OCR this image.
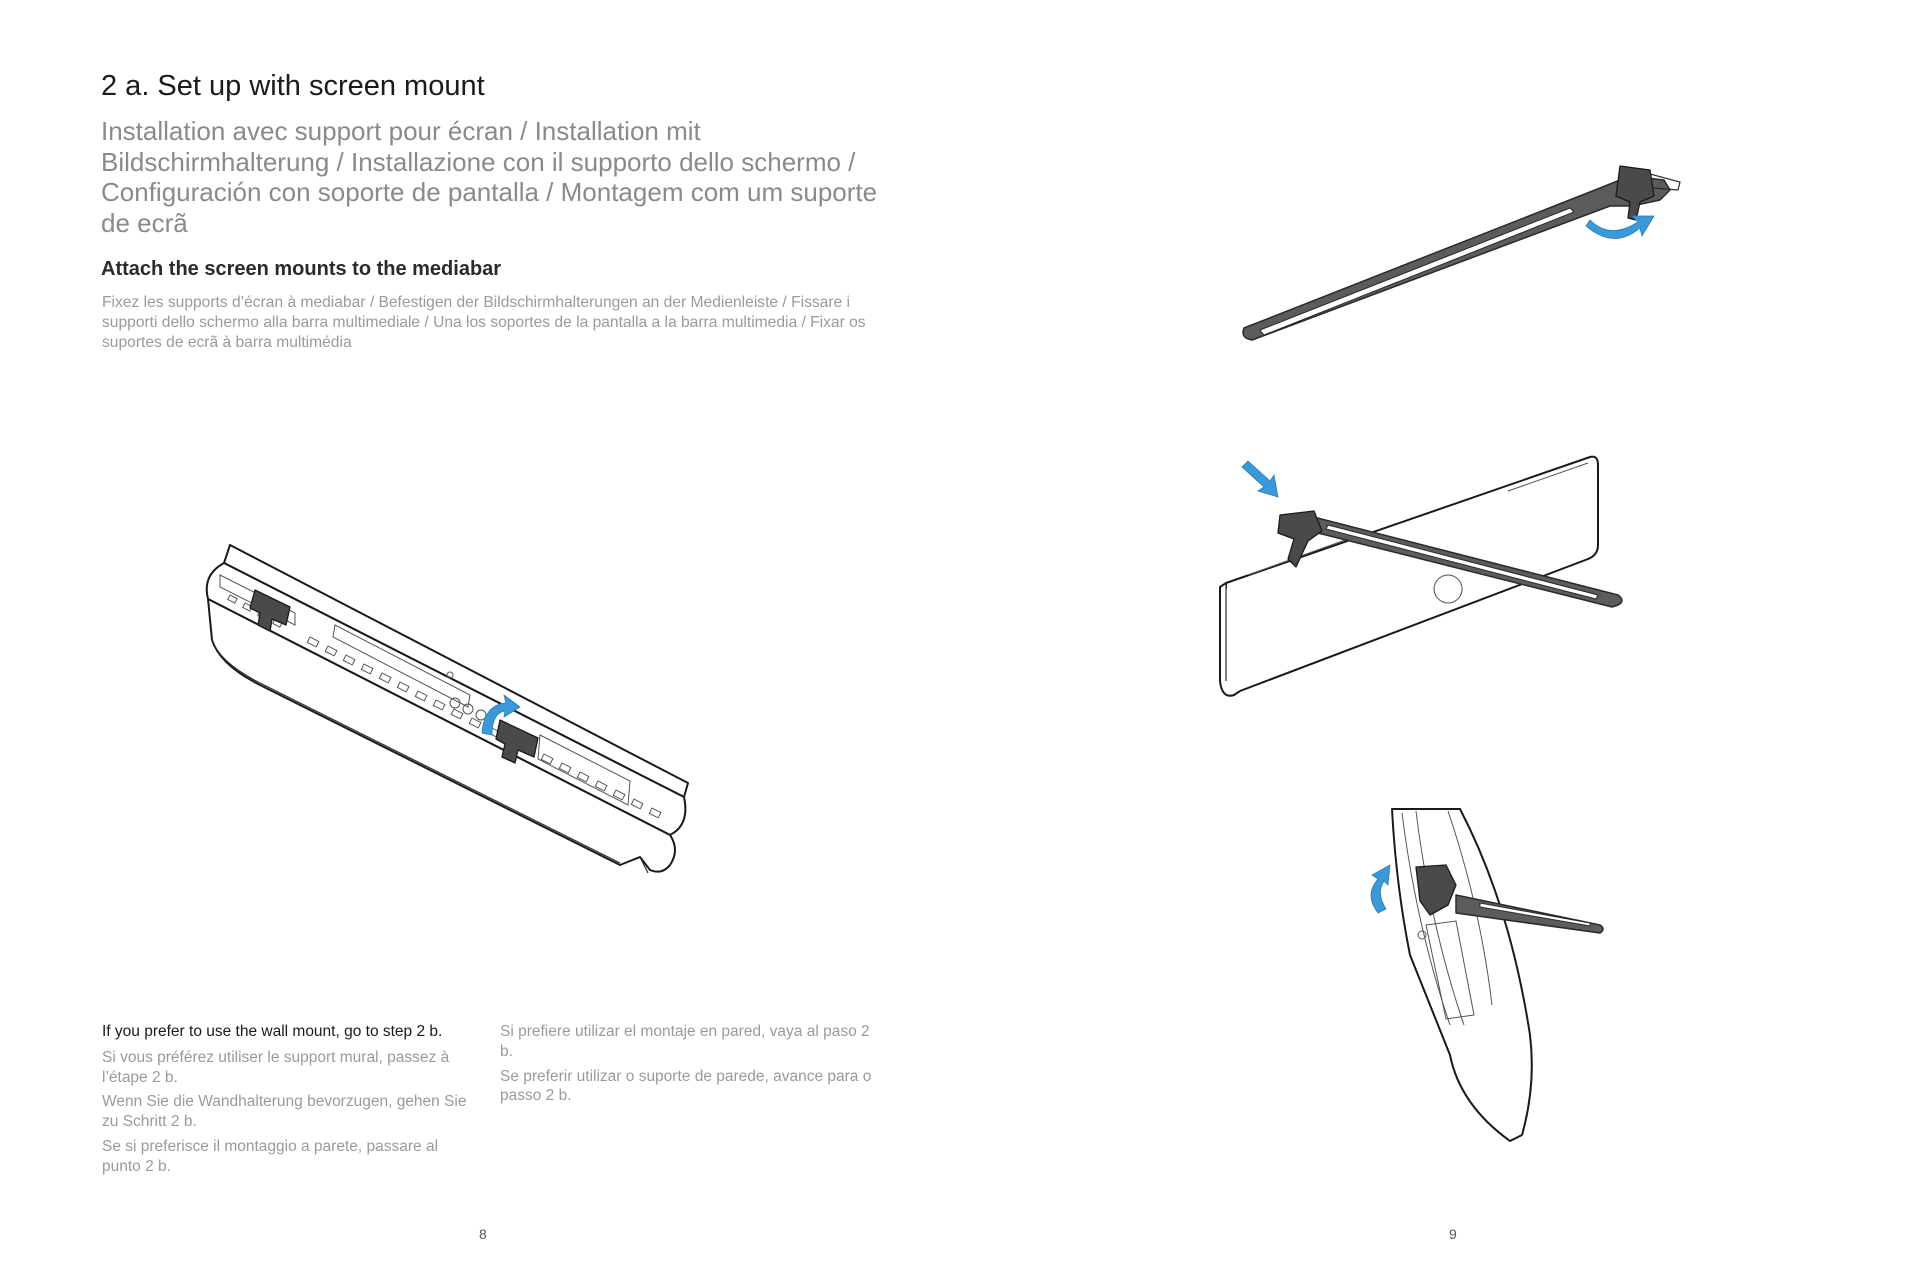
2 a. Set up with screen mount

Installation avec support pour écran / Installation mit Bildschirmhalterung / Installazione con il supporto dello schermo / Configuración con soporte de pantalla / Montagem com um suporte de ecrã

Attach the screen mounts to the mediabar

Fixez les supports d’écran à mediabar / Befestigen der Bildschirmhalterungen an der Medienleiste / Fissare i supporti dello schermo alla barra multimediale / Una los soportes de la pantalla a la barra multimedia / Fixar os suportes de ecrã à barra multimédia

If you prefer to use the wall mount, go to step 2 b.

Si vous préférez utiliser le support mural, passez à l’étape 2 b.

Wenn Sie die Wandhalterung bevorzugen, gehen Sie zu Schritt 2 b.

Se si preferisce il montaggio a parete, passare al punto 2 b.

Si prefiere utilizar el montaje en pared, vaya al paso 2 b.

Se preferir utilizar o suporte de parede, avance para o passo 2 b.

8	9
